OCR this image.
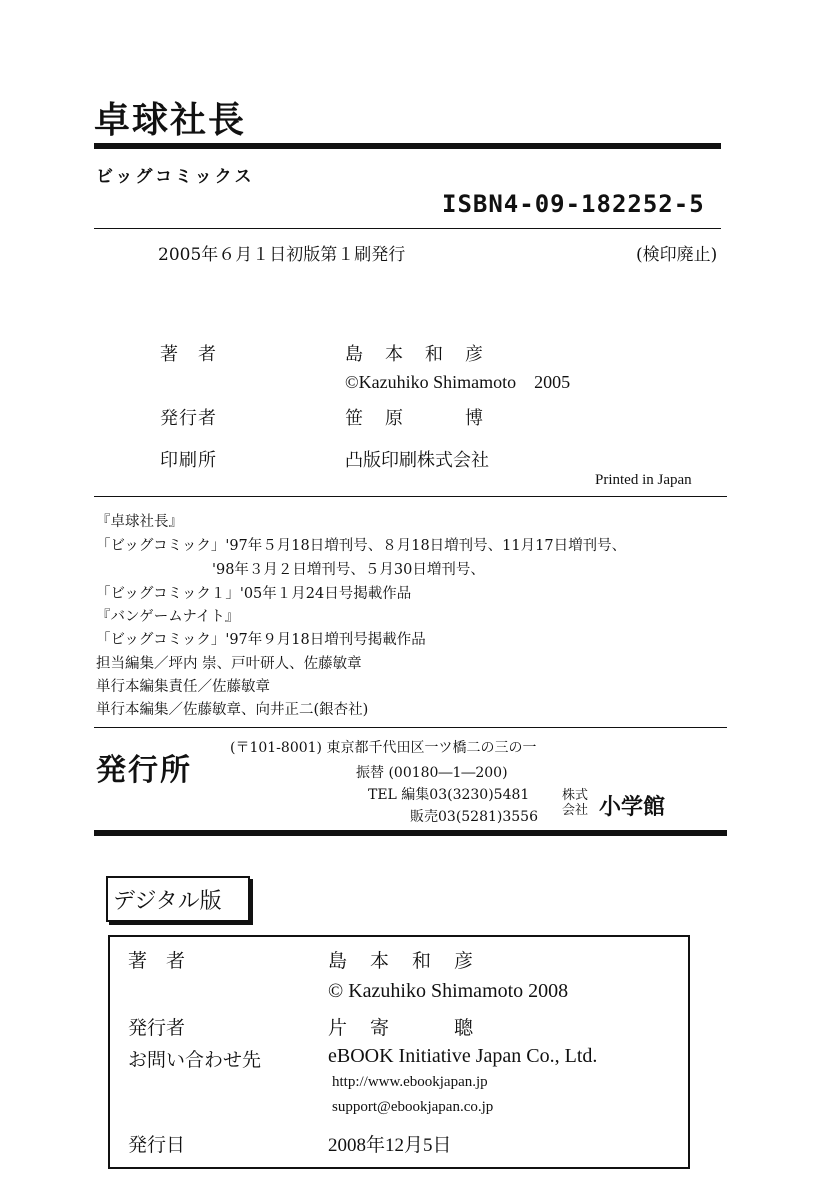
卓球社長
ビッグコミックス
ISBN4-09-182252-5
2005年６月１日初版第１刷発行	(検印廃止)
著　者	島　本　和　彦
©Kazuhiko Shimamoto　2005
発行者	笹　原　　　博
印刷所	凸版印刷株式会社
Printed in Japan
『卓球社長』
「ビッグコミック」'97年５月18日増刊号、８月18日増刊号、11月17日増刊号、
　　　　　　　　'98年３月２日増刊号、５月30日増刊号、
「ビッグコミック１」'05年１月24日号掲載作品
『バンゲームナイト』
「ビッグコミック」'97年９月18日増刊号掲載作品
担当編集／坪内 崇、戸叶研人、佐藤敏章
単行本編集責任／佐藤敏章
単行本編集／佐藤敏章、向井正二(銀杏社)
発行所
(〒101-8001) 東京都千代田区一ツ橋二の三の一
振替 (00180―1―200)
TEL 編集03(3230)5481
販売03(5281)3556
株式 会社 小学館
デジタル版
著　者	島　本　和　彦
© Kazuhiko Shimamoto 2008
発行者	片　寄　　　聰
お問い合わせ先	eBOOK Initiative Japan Co., Ltd.
http://www.ebookjapan.jp
support@ebookjapan.co.jp
発行日	2008年12月5日
